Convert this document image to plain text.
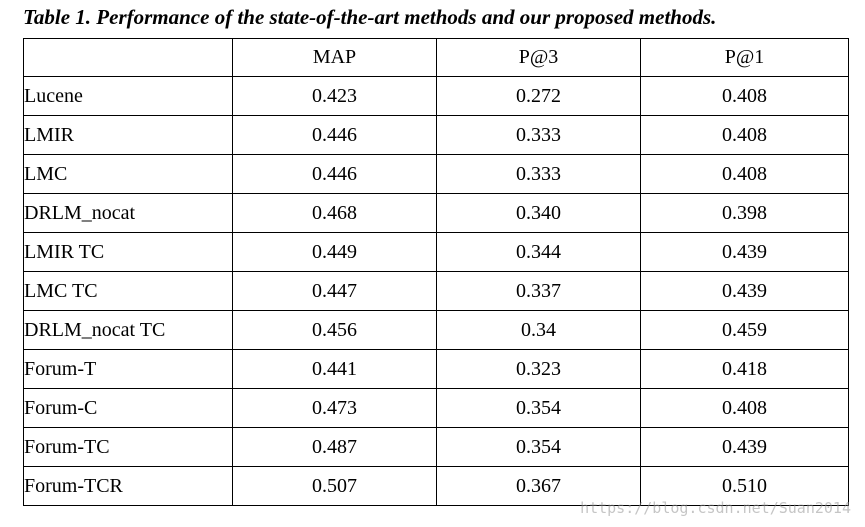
Table 1. Performance of the state-of-the-art methods and our proposed methods.
	MAP	P@3	P@1
Lucene	0.423	0.272	0.408
LMIR	0.446	0.333	0.408
LMC	0.446	0.333	0.408
DRLM_nocat	0.468	0.340	0.398
LMIR TC	0.449	0.344	0.439
LMC TC	0.447	0.337	0.439
DRLM_nocat TC	0.456	0.34	0.459
Forum-T	0.441	0.323	0.418
Forum-C	0.473	0.354	0.408
Forum-TC	0.487	0.354	0.439
Forum-TCR	0.507	0.367	0.510
https://blog.csdn.net/Suan2014
